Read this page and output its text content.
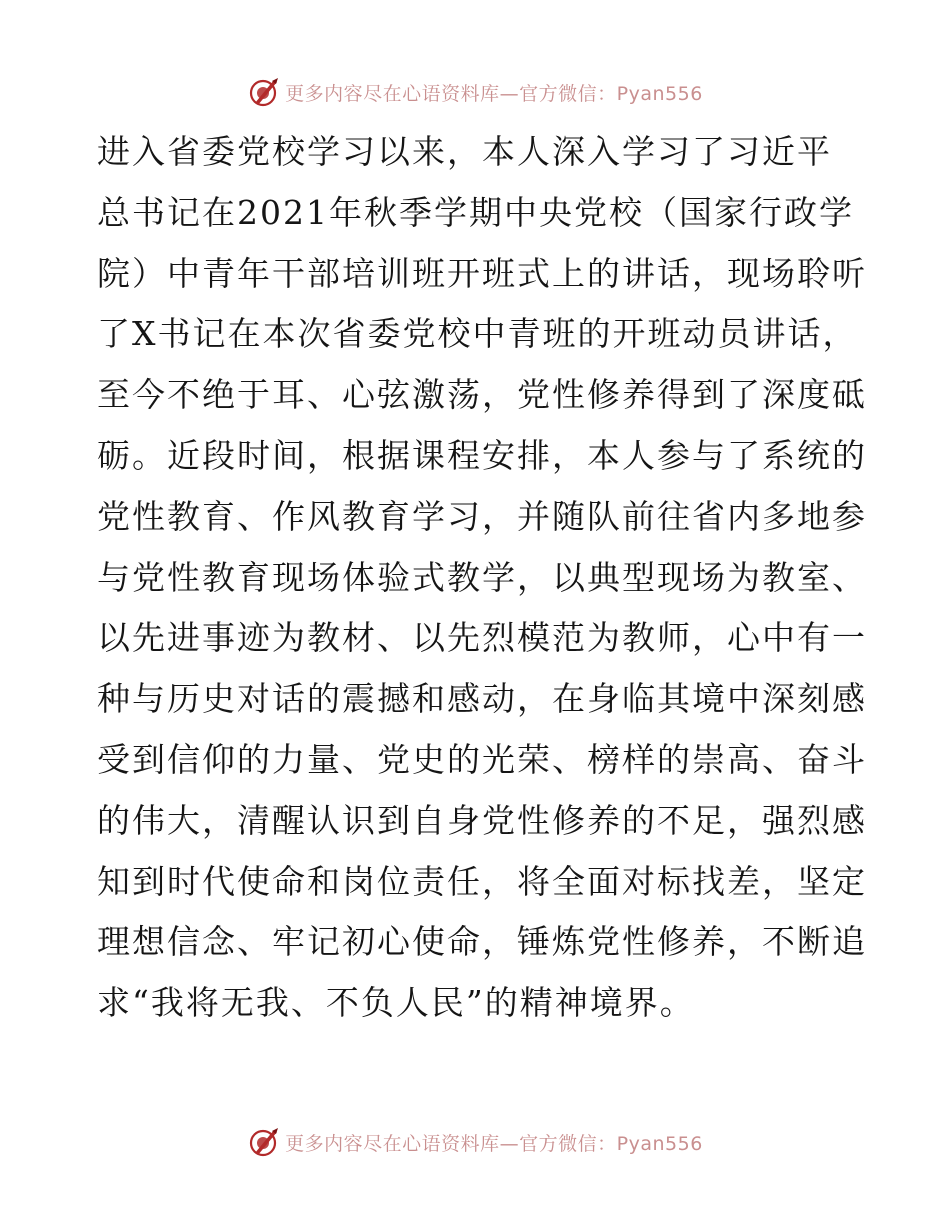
更多内容尽在心语资料库—官方微信：Pyan556
进入省委党校学习以来，本人深入学习了习近平
总书记在2021年秋季学期中央党校（国家行政学
院）中青年干部培训班开班式上的讲话，现场聆听
了X书记在本次省委党校中青班的开班动员讲话，
至今不绝于耳、心弦激荡，党性修养得到了深度砥
砺。近段时间，根据课程安排，本人参与了系统的
党性教育、作风教育学习，并随队前往省内多地参
与党性教育现场体验式教学，以典型现场为教室、
以先进事迹为教材、以先烈模范为教师，心中有一
种与历史对话的震撼和感动，在身临其境中深刻感
受到信仰的力量、党史的光荣、榜样的崇高、奋斗
的伟大，清醒认识到自身党性修养的不足，强烈感
知到时代使命和岗位责任，将全面对标找差，坚定
理想信念、牢记初心使命，锤炼党性修养，不断追
求“我将无我、不负人民”的精神境界。
更多内容尽在心语资料库—官方微信：Pyan556
